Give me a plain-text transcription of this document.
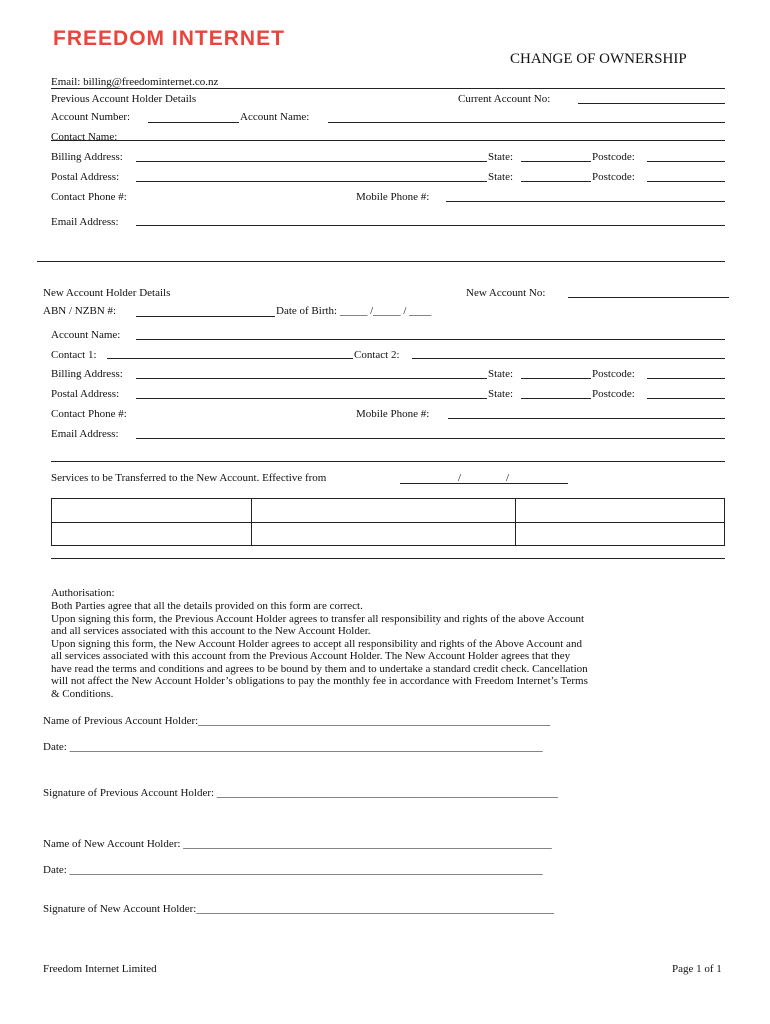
FREEDOM INTERNET
CHANGE OF OWNERSHIP
Email: billing@freedominternet.co.nz
Previous Account Holder Details	Current Account No:
Account Number:	Account Name:
Contact Name:
Billing Address:	State:	Postcode:
Postal Address:	State:	Postcode:
Contact Phone #:	Mobile Phone #:
Email Address:
New Account Holder Details	New Account No:
ABN / NZBN #:	Date of Birth: _____ /_____ / ____
Account Name:
Contact 1:	Contact 2:
Billing Address:	State:	Postcode:
Postal Address:	State:	Postcode:
Contact Phone #:	Mobile Phone #:
Email Address:
Services to be Transferred to the New Account. Effective from	/	/
Authorisation:
Both Parties agree that all the details provided on this form are correct.
Upon signing this form, the Previous Account Holder agrees to transfer all responsibility and rights of the above Account
and all services associated with this account to the New Account Holder.
Upon signing this form, the New Account Holder agrees to accept all responsibility and rights of the Above Account and
all services associated with this account from the Previous Account Holder. The New Account Holder agrees that they
have read the terms and conditions and agrees to be bound by them and to undertake a standard credit check. Cancellation
will not affect the New Account Holder’s obligations to pay the monthly fee in accordance with Freedom Internet’s Terms
& Conditions.
Name of Previous Account Holder:________________________________________________________________
Date: ______________________________________________________________________________________
Signature of Previous Account Holder: ______________________________________________________________
Name of New Account Holder: ___________________________________________________________________
Date: ______________________________________________________________________________________
Signature of New Account Holder:_________________________________________________________________
Freedom Internet Limited	Page 1 of 1
